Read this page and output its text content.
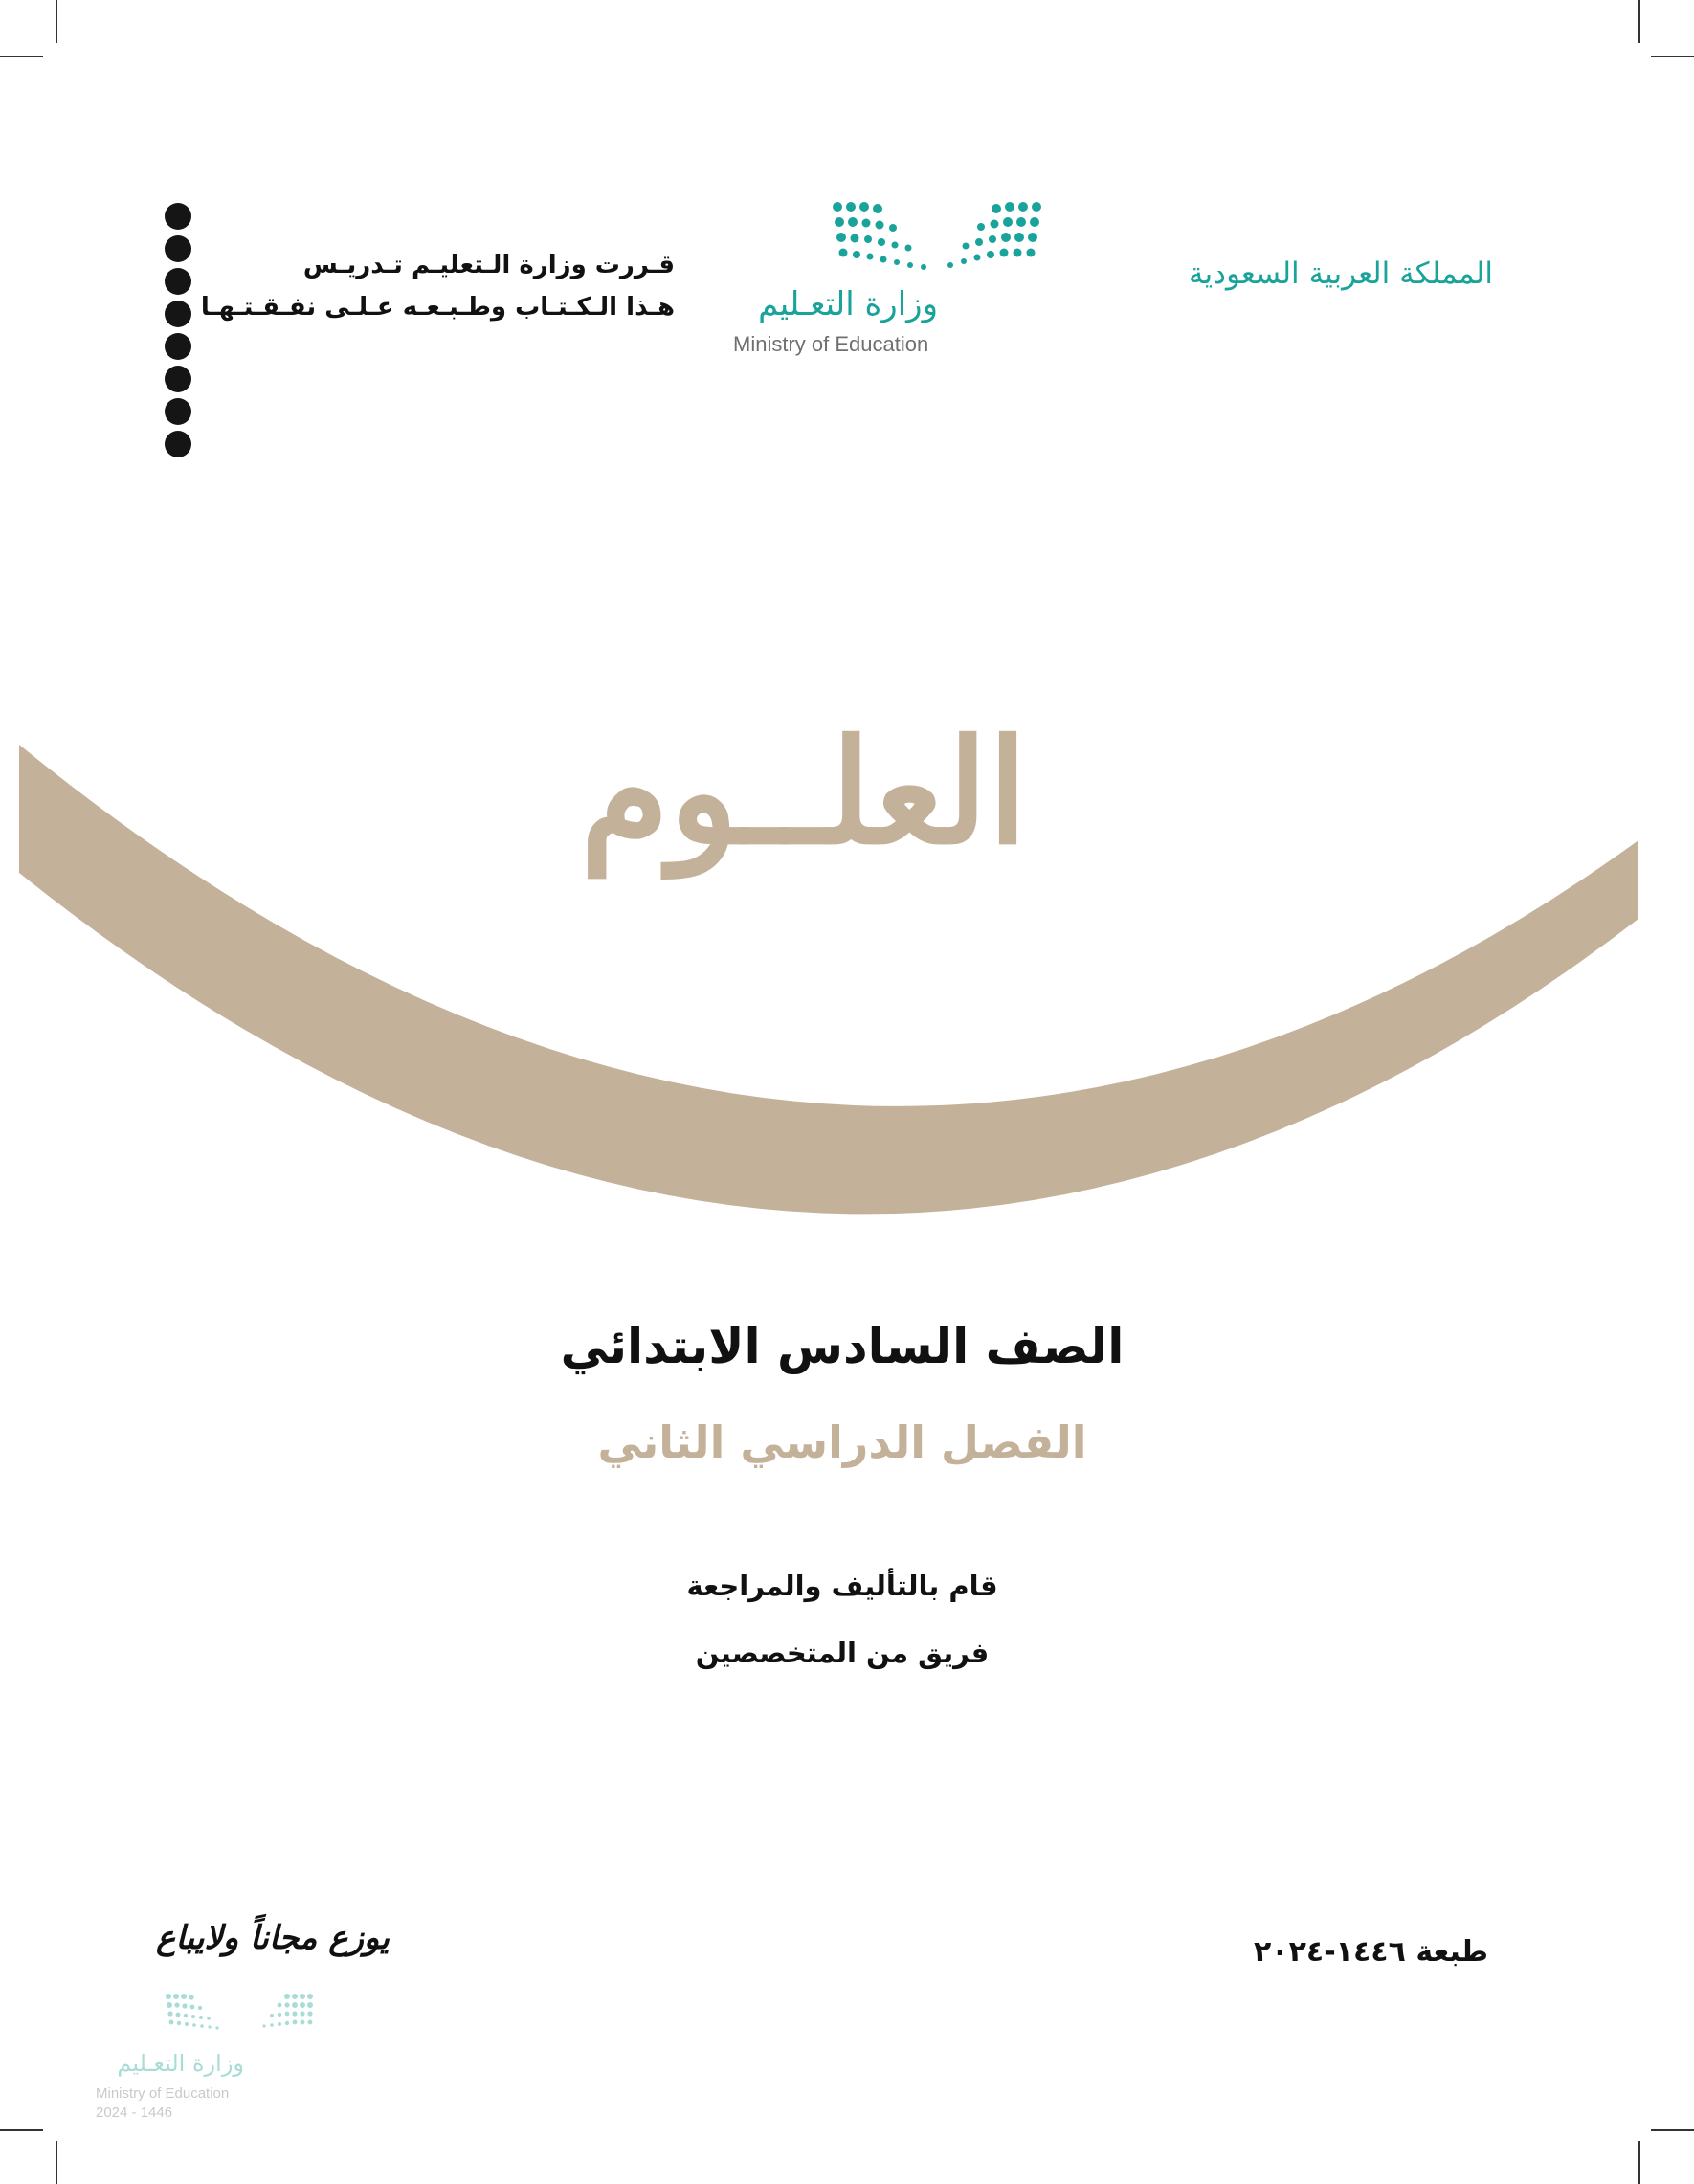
المملكة العربية السعودية
وزارة التعـليم
Ministry of Education
قـررت وزارة الـتعليـم تـدريـس
هـذا الـكـتـاب وطـبـعـه عـلـى نفـقـتـهـا
العلــوم
الصف السادس الابتدائي
الفصل الدراسي الثاني
قام بالتأليف والمراجعة
فريق من المتخصصين
طبعة ١٤٤٦-٢٠٢٤
يوزع مجاناً ولايباع
وزارة التعـليم
Ministry of Education
2024 - 1446
